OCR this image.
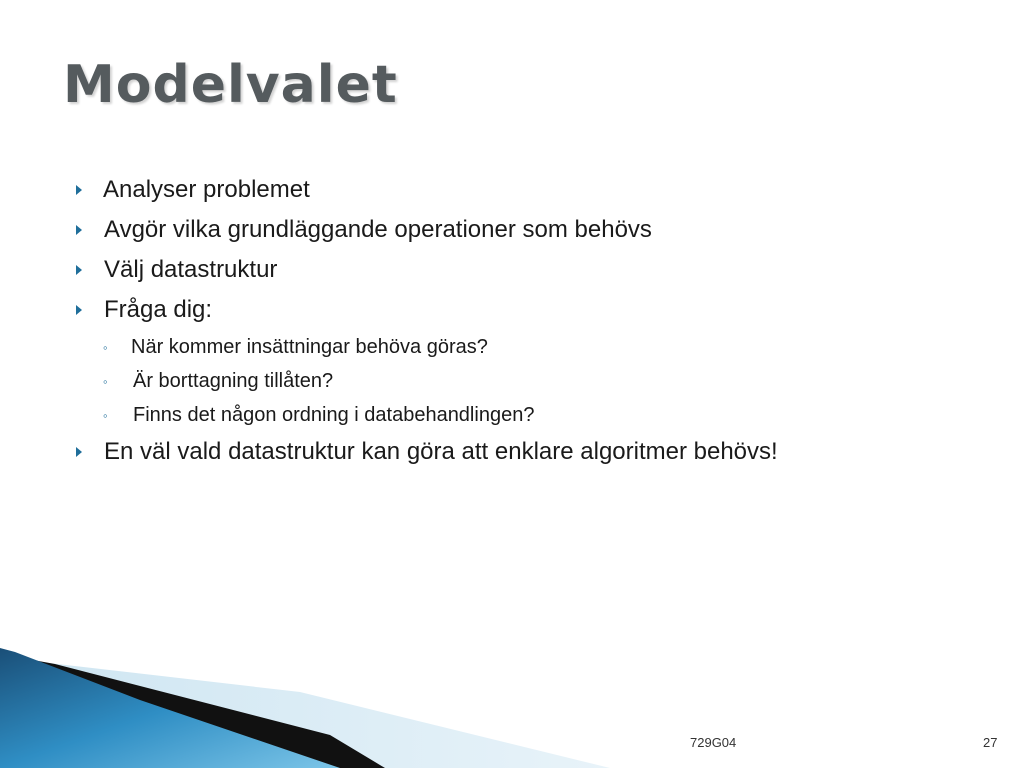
Modelvalet
Analyser problemet
Avgör vilka grundläggande operationer som behövs
Välj datastruktur
Fråga dig:
◦ När kommer insättningar behöva göras?
◦ Är borttagning tillåten?
◦ Finns det någon ordning i databehandlingen?
En väl vald datastruktur kan göra att enklare algoritmer behövs!
729G04	27
